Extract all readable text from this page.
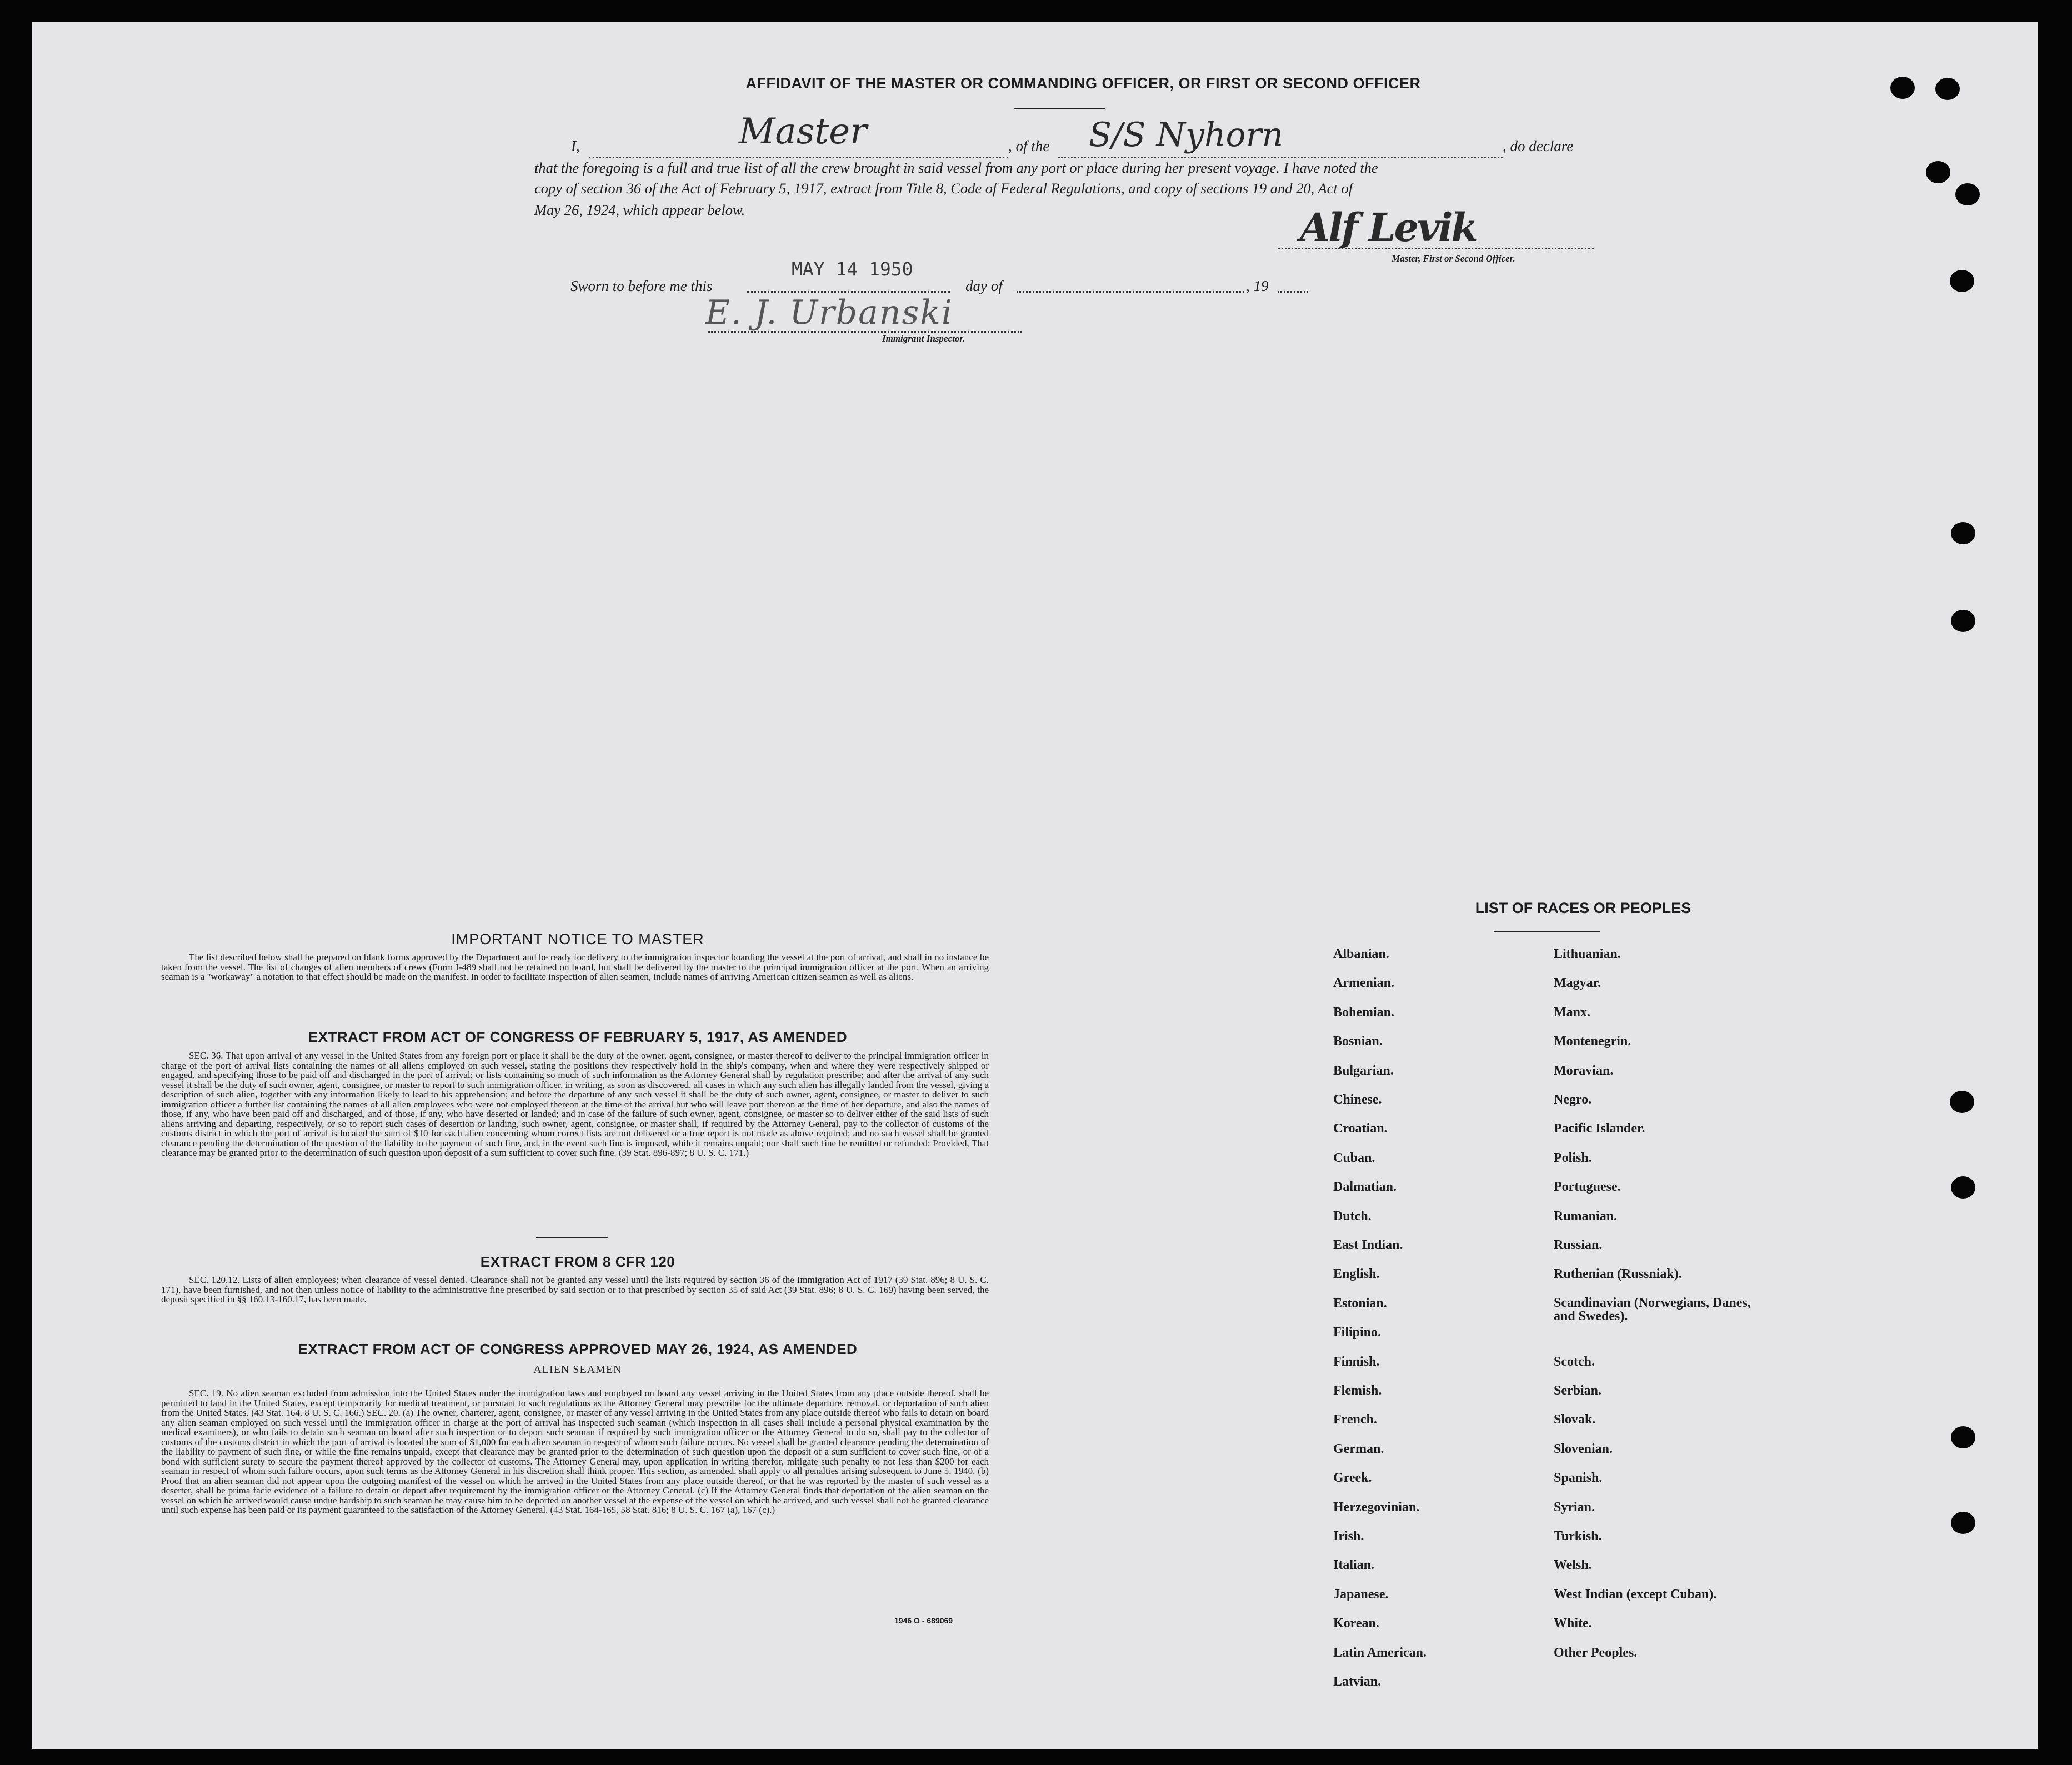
AFFIDAVIT OF THE MASTER OR COMMANDING OFFICER, OR FIRST OR SECOND OFFICER
I,	Master	, of the S/S Nyhorn	, do declare
that the foregoing is a full and true list of all the crew brought in said vessel from any port or place during her present voyage. I have noted the
copy of section 36 of the Act of February 5, 1917, extract from Title 8, Code of Federal Regulations, and copy of sections 19 and 20, Act of
May 26, 1924, which appear below.	Alf Levik
Master, First or Second Officer.
Sworn to before me this
MAY 14 1950
day of	, 19
E. J. Urbanski
Immigrant Inspector.
IMPORTANT NOTICE TO MASTER
The list described below shall be prepared on blank forms approved by the Department and be ready for delivery to the immigration inspector boarding the vessel at the port of arrival, and shall in no instance be taken from the vessel. The list of changes of alien members of crews (Form I-489 shall not be retained on board, but shall be delivered by the master to the principal immigration officer at the port. When an arriving seaman is a "workaway" a notation to that effect should be made on the manifest. In order to facilitate inspection of alien seamen, include names of arriving American citizen seamen as well as aliens.
EXTRACT FROM ACT OF CONGRESS OF FEBRUARY 5, 1917, AS AMENDED
SEC. 36. That upon arrival of any vessel in the United States from any foreign port or place it shall be the duty of the owner, agent, consignee, or master thereof to deliver to the principal immigration officer in charge of the port of arrival lists containing the names of all aliens employed on such vessel, stating the positions they respectively hold in the ship's company, when and where they were respectively shipped or engaged, and specifying those to be paid off and discharged in the port of arrival; or lists containing so much of such information as the Attorney General shall by regulation prescribe; and after the arrival of any such vessel it shall be the duty of such owner, agent, consignee, or master to report to such immigration officer, in writing, as soon as discovered, all cases in which any such alien has illegally landed from the vessel, giving a description of such alien, together with any information likely to lead to his apprehension; and before the departure of any such vessel it shall be the duty of such owner, agent, consignee, or master to deliver to such immigration officer a further list containing the names of all alien employees who were not employed thereon at the time of the arrival but who will leave port thereon at the time of her departure, and also the names of those, if any, who have been paid off and discharged, and of those, if any, who have deserted or landed; and in case of the failure of such owner, agent, consignee, or master so to deliver either of the said lists of such aliens arriving and departing, respectively, or so to report such cases of desertion or landing, such owner, agent, consignee, or master shall, if required by the Attorney General, pay to the collector of customs of the customs district in which the port of arrival is located the sum of $10 for each alien concerning whom correct lists are not delivered or a true report is not made as above required; and no such vessel shall be granted clearance pending the determination of the question of the liability to the payment of such fine, and, in the event such fine is imposed, while it remains unpaid; nor shall such fine be remitted or refunded: Provided, That clearance may be granted prior to the determination of such question upon deposit of a sum sufficient to cover such fine. (39 Stat. 896-897; 8 U. S. C. 171.)
EXTRACT FROM 8 CFR 120
SEC. 120.12. Lists of alien employees; when clearance of vessel denied. Clearance shall not be granted any vessel until the lists required by section 36 of the Immigration Act of 1917 (39 Stat. 896; 8 U. S. C. 171), have been furnished, and not then unless notice of liability to the administrative fine prescribed by said section or to that prescribed by section 35 of said Act (39 Stat. 896; 8 U. S. C. 169) having been served, the deposit specified in §§ 160.13-160.17, has been made.
EXTRACT FROM ACT OF CONGRESS APPROVED MAY 26, 1924, AS AMENDED
ALIEN SEAMEN
SEC. 19. No alien seaman excluded from admission into the United States under the immigration laws and employed on board any vessel arriving in the United States from any place outside thereof, shall be permitted to land in the United States, except temporarily for medical treatment, or pursuant to such regulations as the Attorney General may prescribe for the ultimate departure, removal, or deportation of such alien from the United States. (43 Stat. 164, 8 U. S. C. 166.) SEC. 20. (a) The owner, charterer, agent, consignee, or master of any vessel arriving in the United States from any place outside thereof who fails to detain on board any alien seaman employed on such vessel until the immigration officer in charge at the port of arrival has inspected such seaman (which inspection in all cases shall include a personal physical examination by the medical examiners), or who fails to detain such seaman on board after such inspection or to deport such seaman if required by such immigration officer or the Attorney General to do so, shall pay to the collector of customs of the customs district in which the port of arrival is located the sum of $1,000 for each alien seaman in respect of whom such failure occurs. No vessel shall be granted clearance pending the determination of the liability to payment of such fine, or while the fine remains unpaid, except that clearance may be granted prior to the determination of such question upon the deposit of a sum sufficient to cover such fine, or of a bond with sufficient surety to secure the payment thereof approved by the collector of customs. The Attorney General may, upon application in writing therefor, mitigate such penalty to not less than $200 for each seaman in respect of whom such failure occurs, upon such terms as the Attorney General in his discretion shall think proper. This section, as amended, shall apply to all penalties arising subsequent to June 5, 1940. (b) Proof that an alien seaman did not appear upon the outgoing manifest of the vessel on which he arrived in the United States from any place outside thereof, or that he was reported by the master of such vessel as a deserter, shall be prima facie evidence of a failure to detain or deport after requirement by the immigration officer or the Attorney General. (c) If the Attorney General finds that deportation of the alien seaman on the vessel on which he arrived would cause undue hardship to such seaman he may cause him to be deported on another vessel at the expense of the vessel on which he arrived, and such vessel shall not be granted clearance until such expense has been paid or its payment guaranteed to the satisfaction of the Attorney General. (43 Stat. 164-165, 58 Stat. 816; 8 U. S. C. 167 (a), 167 (c).)
1946 O - 689069
LIST OF RACES OR PEOPLES
Albanian.
Armenian.
Bohemian.
Bosnian.
Bulgarian.
Chinese.
Croatian.
Cuban.
Dalmatian.
Dutch.
East Indian.
English.
Estonian.
Filipino.
Finnish.
Flemish.
French.
German.
Greek.
Herzegovinian.
Irish.
Italian.
Japanese.
Korean.
Latin American.
Latvian.
Lithuanian.
Magyar.
Manx.
Montenegrin.
Moravian.
Negro.
Pacific Islander.
Polish.
Portuguese.
Rumanian.
Russian.
Ruthenian (Russniak).
Scandinavian (Norwegians, Danes, and Swedes).
Scotch.
Serbian.
Slovak.
Slovenian.
Spanish.
Syrian.
Turkish.
Welsh.
West Indian (except Cuban).
White.
Other Peoples.
